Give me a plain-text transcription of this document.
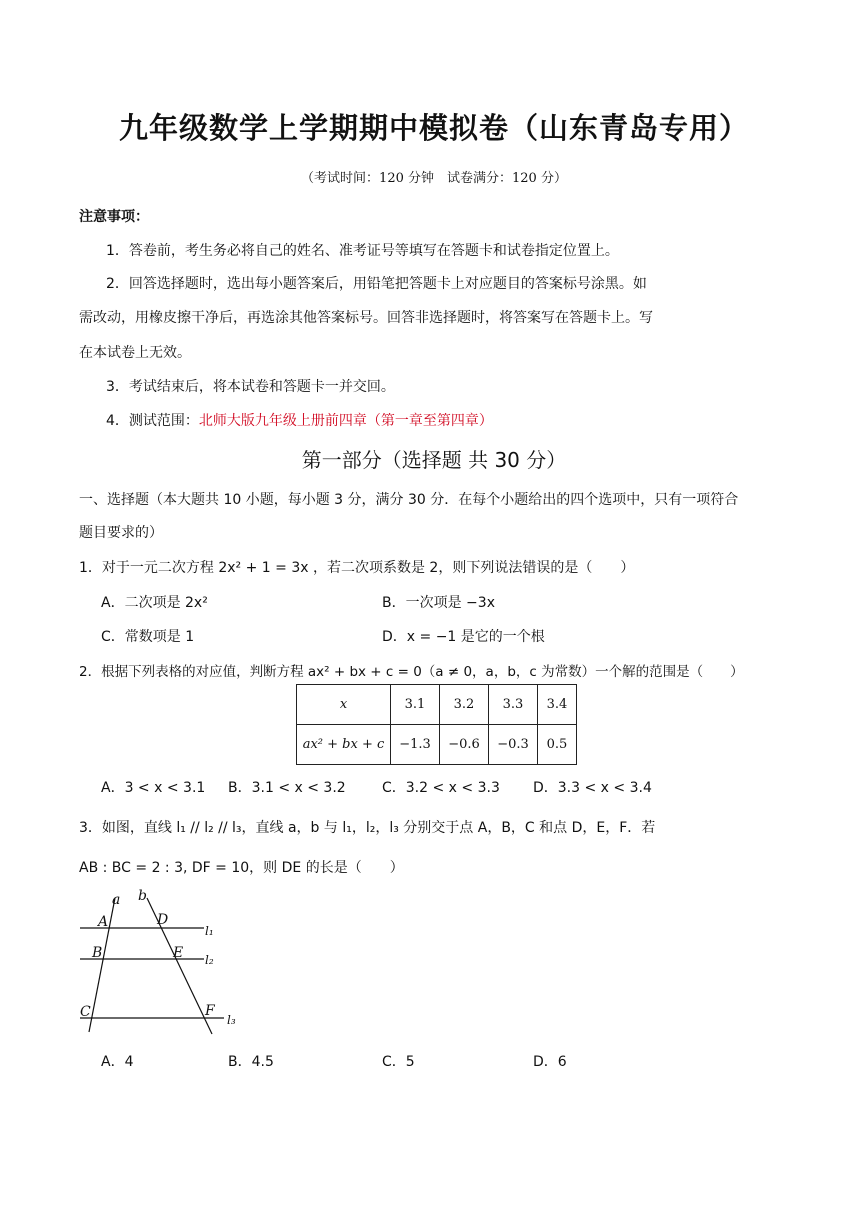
九年级数学上学期期中模拟卷（山东青岛专用）
（考试时间：120 分钟　试卷满分：120 分）
注意事项：
1．答卷前，考生务必将自己的姓名、准考证号等填写在答题卡和试卷指定位置上。
2．回答选择题时，选出每小题答案后，用铅笔把答题卡上对应题目的答案标号涂黑。如
需改动，用橡皮擦干净后，再选涂其他答案标号。回答非选择题时，将答案写在答题卡上。写
在本试卷上无效。
3．考试结束后，将本试卷和答题卡一并交回。
4．测试范围：北师大版九年级上册前四章（第一章至第四章）
第一部分（选择题 共 30 分）
一、选择题（本大题共 10 小题，每小题 3 分，满分 30 分．在每个小题给出的四个选项中，只有一项符合
题目要求的）
1．对于一元二次方程 2x² + 1 = 3x ，若二次项系数是 2，则下列说法错误的是（　　）
A．二次项是 2x²	B．一次项是 −3x
C．常数项是 1	D．x = −1 是它的一个根
2．根据下列表格的对应值，判断方程 ax² + bx + c = 0（a ≠ 0，a，b，c 为常数）一个解的范围是（　　）
x	3.1	3.2	3.3	3.4
ax² + bx + c	−1.3	−0.6	−0.3	0.5
A．3 < x < 3.1 B．3.1 < x < 3.2	C．3.2 < x < 3.3 D．3.3 < x < 3.4
3．如图，直线 l₁ // l₂ // l₃，直线 a，b 与 l₁，l₂，l₃ 分别交于点 A，B，C 和点 D，E，F．若
AB : BC = 2 : 3, DF = 10，则 DE 的长是（　　）
a b
A
B
C
D
E
F
l₁
l₂
l₃
A．4	B．4.5	C．5	D．6
